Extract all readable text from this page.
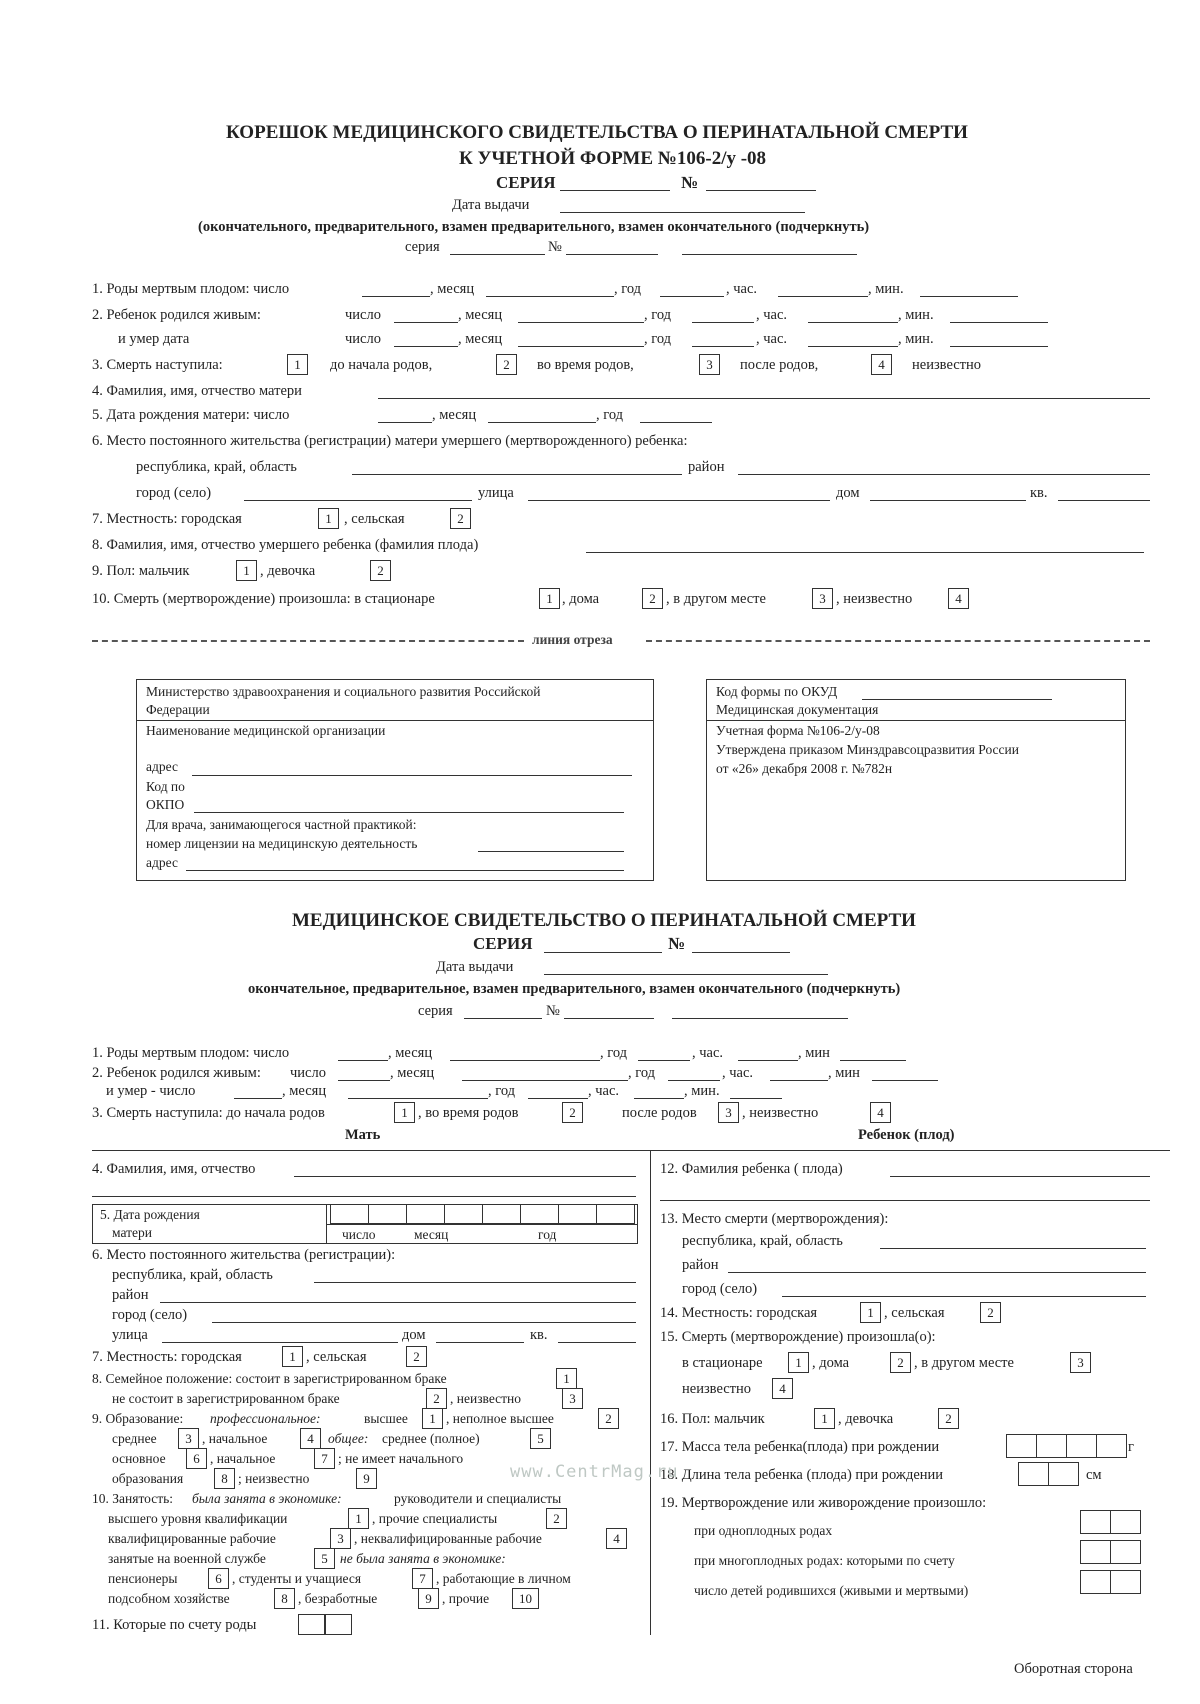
КОРЕШОК МЕДИЦИНСКОГО СВИДЕТЕЛЬСТВА О ПЕРИНАТАЛЬНОЙ СМЕРТИ
К УЧЕТНОЙ ФОРМЕ №106-2/у -08
СЕРИЯ	№
Дата выдачи
(окончательного, предварительного, взамен предварительного, взамен окончательного (подчеркнуть)
серия	№
1. Роды мертвым плодом: число	, месяц	, год	, час.	, мин.
2. Ребенок родился живым:	число	, месяц	, год	, час.	, мин.
и умер дата	число	, месяц	, год	, час.	, мин.
3. Смерть наступила:	1	до начала родов,	2	во время родов,	3	после родов,	4	неизвестно
4. Фамилия, имя, отчество матери
5. Дата рождения матери: число	, месяц	, год
6. Место постоянного жительства (регистрации) матери умершего (мертворожденного) ребенка:
республика, край, область	район
город (село)	улица	дом	кв.
7. Местность: городская	1 , сельская	2
8. Фамилия, имя, отчество умершего ребенка (фамилия плода)
9. Пол: мальчик	1 , девочка	2
10. Смерть (мертворождение) произошла: в стационаре	1 , дома	2 , в другом месте	3 , неизвестно	4
линия отреза
Министерство здравоохранения и социального развития Российской
Федерации
Наименование медицинской организации
адрес
Код по
ОКПО
Для врача, занимающегося частной практикой:
номер лицензии на медицинскую деятельность
адрес
Код формы по ОКУД
Медицинская документация
Учетная форма №106-2/у-08
Утверждена приказом Минздравсоцразвития России
от «26» декабря 2008 г. №782н
МЕДИЦИНСКОЕ СВИДЕТЕЛЬСТВО О ПЕРИНАТАЛЬНОЙ СМЕРТИ
СЕРИЯ	№
Дата выдачи
окончательное, предварительное, взамен предварительного, взамен окончательного (подчеркнуть)
серия	№
1. Роды мертвым плодом: число	, месяц	, год	, час.	, мин
2. Ребенок родился живым: число	, месяц	, год	, час.	, мин
и умер - число	, месяц	, год	, час.	, мин.
3. Смерть наступила: до начала родов	1 , во время родов	2	после родов	3 , неизвестно	4
Мать	Ребенок (плод)
4. Фамилия, имя, отчество
5. Дата рождения
матери	число	месяц	год
6. Место постоянного жительства (регистрации):
республика, край, область
район
город (село)
улица	дом	кв.
7. Местность: городская	1 , сельская	2
8. Семейное положение: состоит в зарегистрированном браке	1
не состоит в зарегистрированном браке	2 , неизвестно	3
9. Образование: профессиональное:	высшее	1 , неполное высшее	2
среднее	3 , начальное	4	общее: среднее (полное)	5
основное	6 , начальное	7 ; не имеет начального
образования	8 ; неизвестно	9
10. Занятость: была занята в экономике:	руководители и специалисты
высшего уровня квалификации	1 , прочие специалисты	2
квалифицированные рабочие	3 , неквалифицированные рабочие	4
занятые на военной службе	5 не была занята в экономике:
пенсионеры	6 , студенты и учащиеся	7 , работающие в личном
подсобном хозяйстве	8 , безработные	9 , прочие	10
11. Которые по счету роды
12. Фамилия ребенка ( плода)
13. Место смерти (мертворождения):
республика, край, область
район
город (село)
14. Местность: городская	1 , сельская	2
15. Смерть (мертворождение) произошла(о):
в стационаре	1 , дома	2 , в другом месте	3
неизвестно	4
16. Пол: мальчик	1 , девочка	2
17. Масса тела ребенка(плода) при рождении	г
18. Длина тела ребенка (плода) при рождении	см
19. Мертворождение или живорождение произошло:
при одноплодных родах
при многоплодных родах: которыми по счету
число детей родившихся (живыми и мертвыми)
www.CentrMag.ru
Оборотная сторона
